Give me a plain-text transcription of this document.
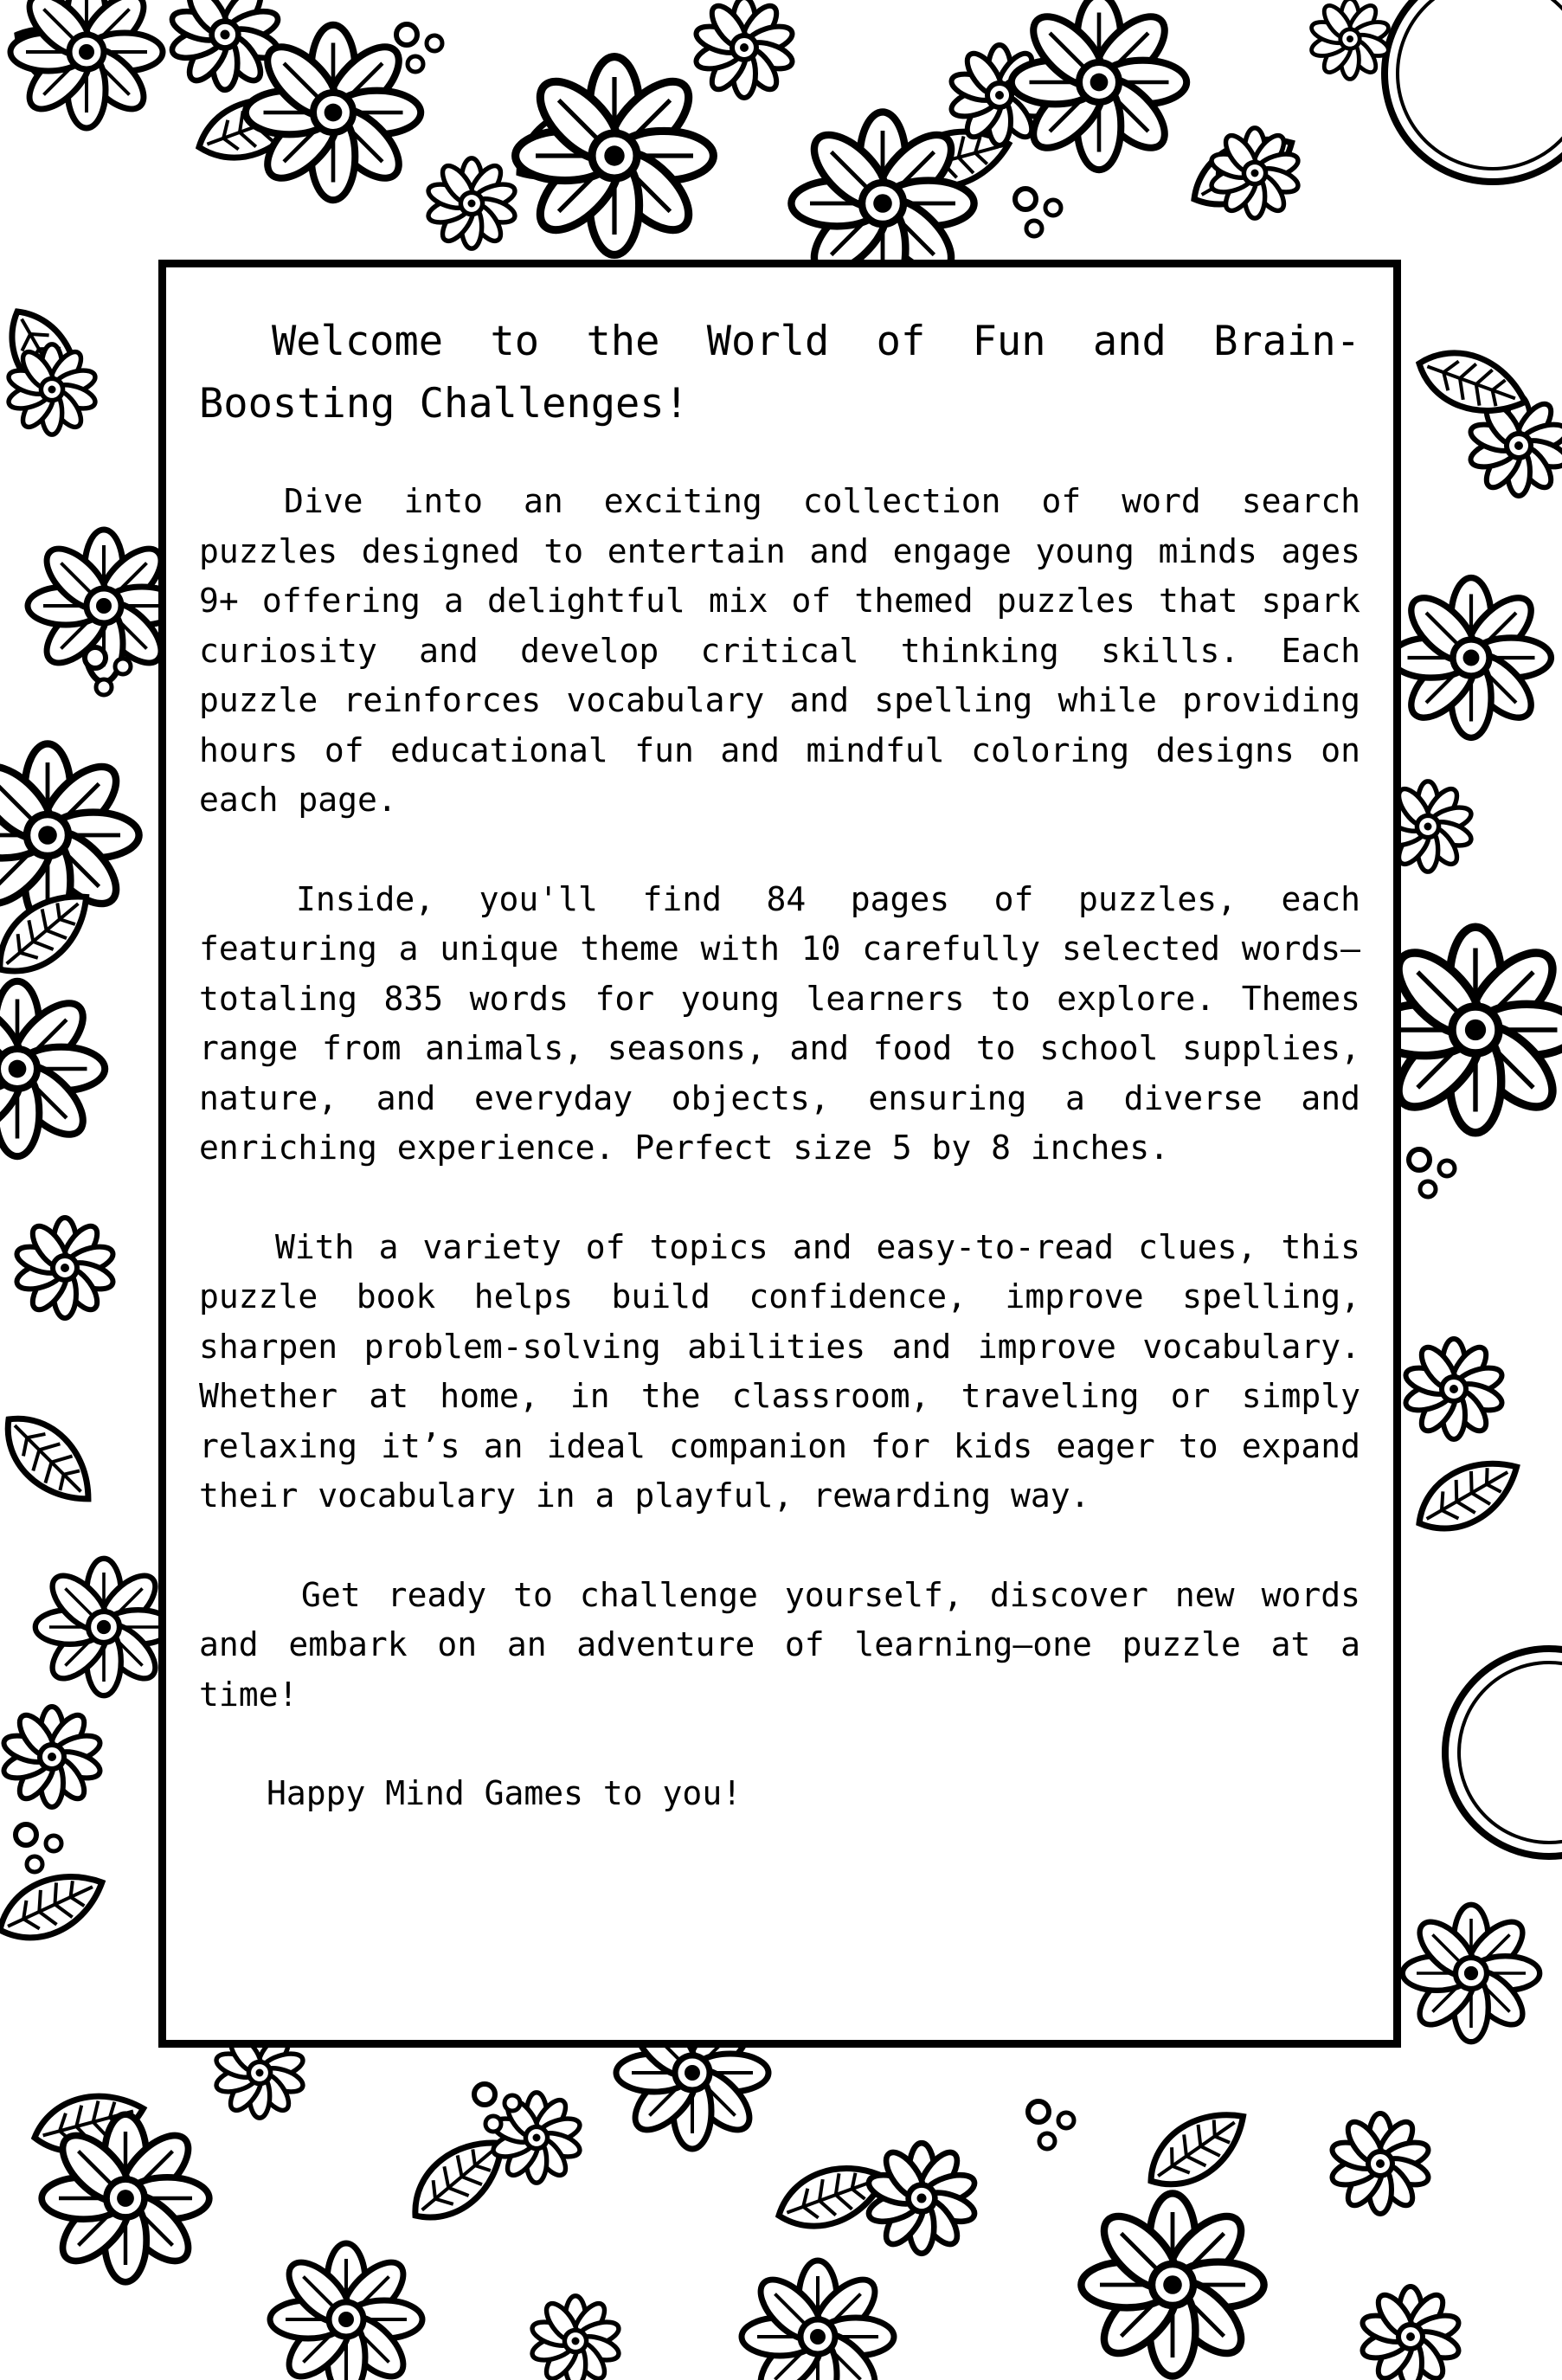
Welcome to the World of Fun and Brain-Boosting Challenges!

Dive into an exciting collection of word search puzzles designed to entertain and engage young minds ages 9+ offering a delightful mix of themed puzzles that spark curiosity and develop critical thinking skills. Each puzzle reinforces vocabulary and spelling while providing hours of educational fun and mindful coloring designs on each page.

Inside, you'll find 84 pages of puzzles, each featuring a unique theme with 10 carefully selected words—totaling 835 words for young learners to explore. Themes range from animals, seasons, and food to school supplies, nature, and everyday objects, ensuring a diverse and enriching experience. Perfect size 5 by 8 inches.

With a variety of topics and easy-to-read clues, this puzzle book helps build confidence, improve spelling, sharpen problem-solving abilities and improve vocabulary. Whether at home, in the classroom, traveling or simply relaxing it’s an ideal companion for kids eager to expand their vocabulary in a playful, rewarding way.

Get ready to challenge yourself, discover new words and embark on an adventure of learning—one puzzle at a time!

Happy Mind Games to you!
